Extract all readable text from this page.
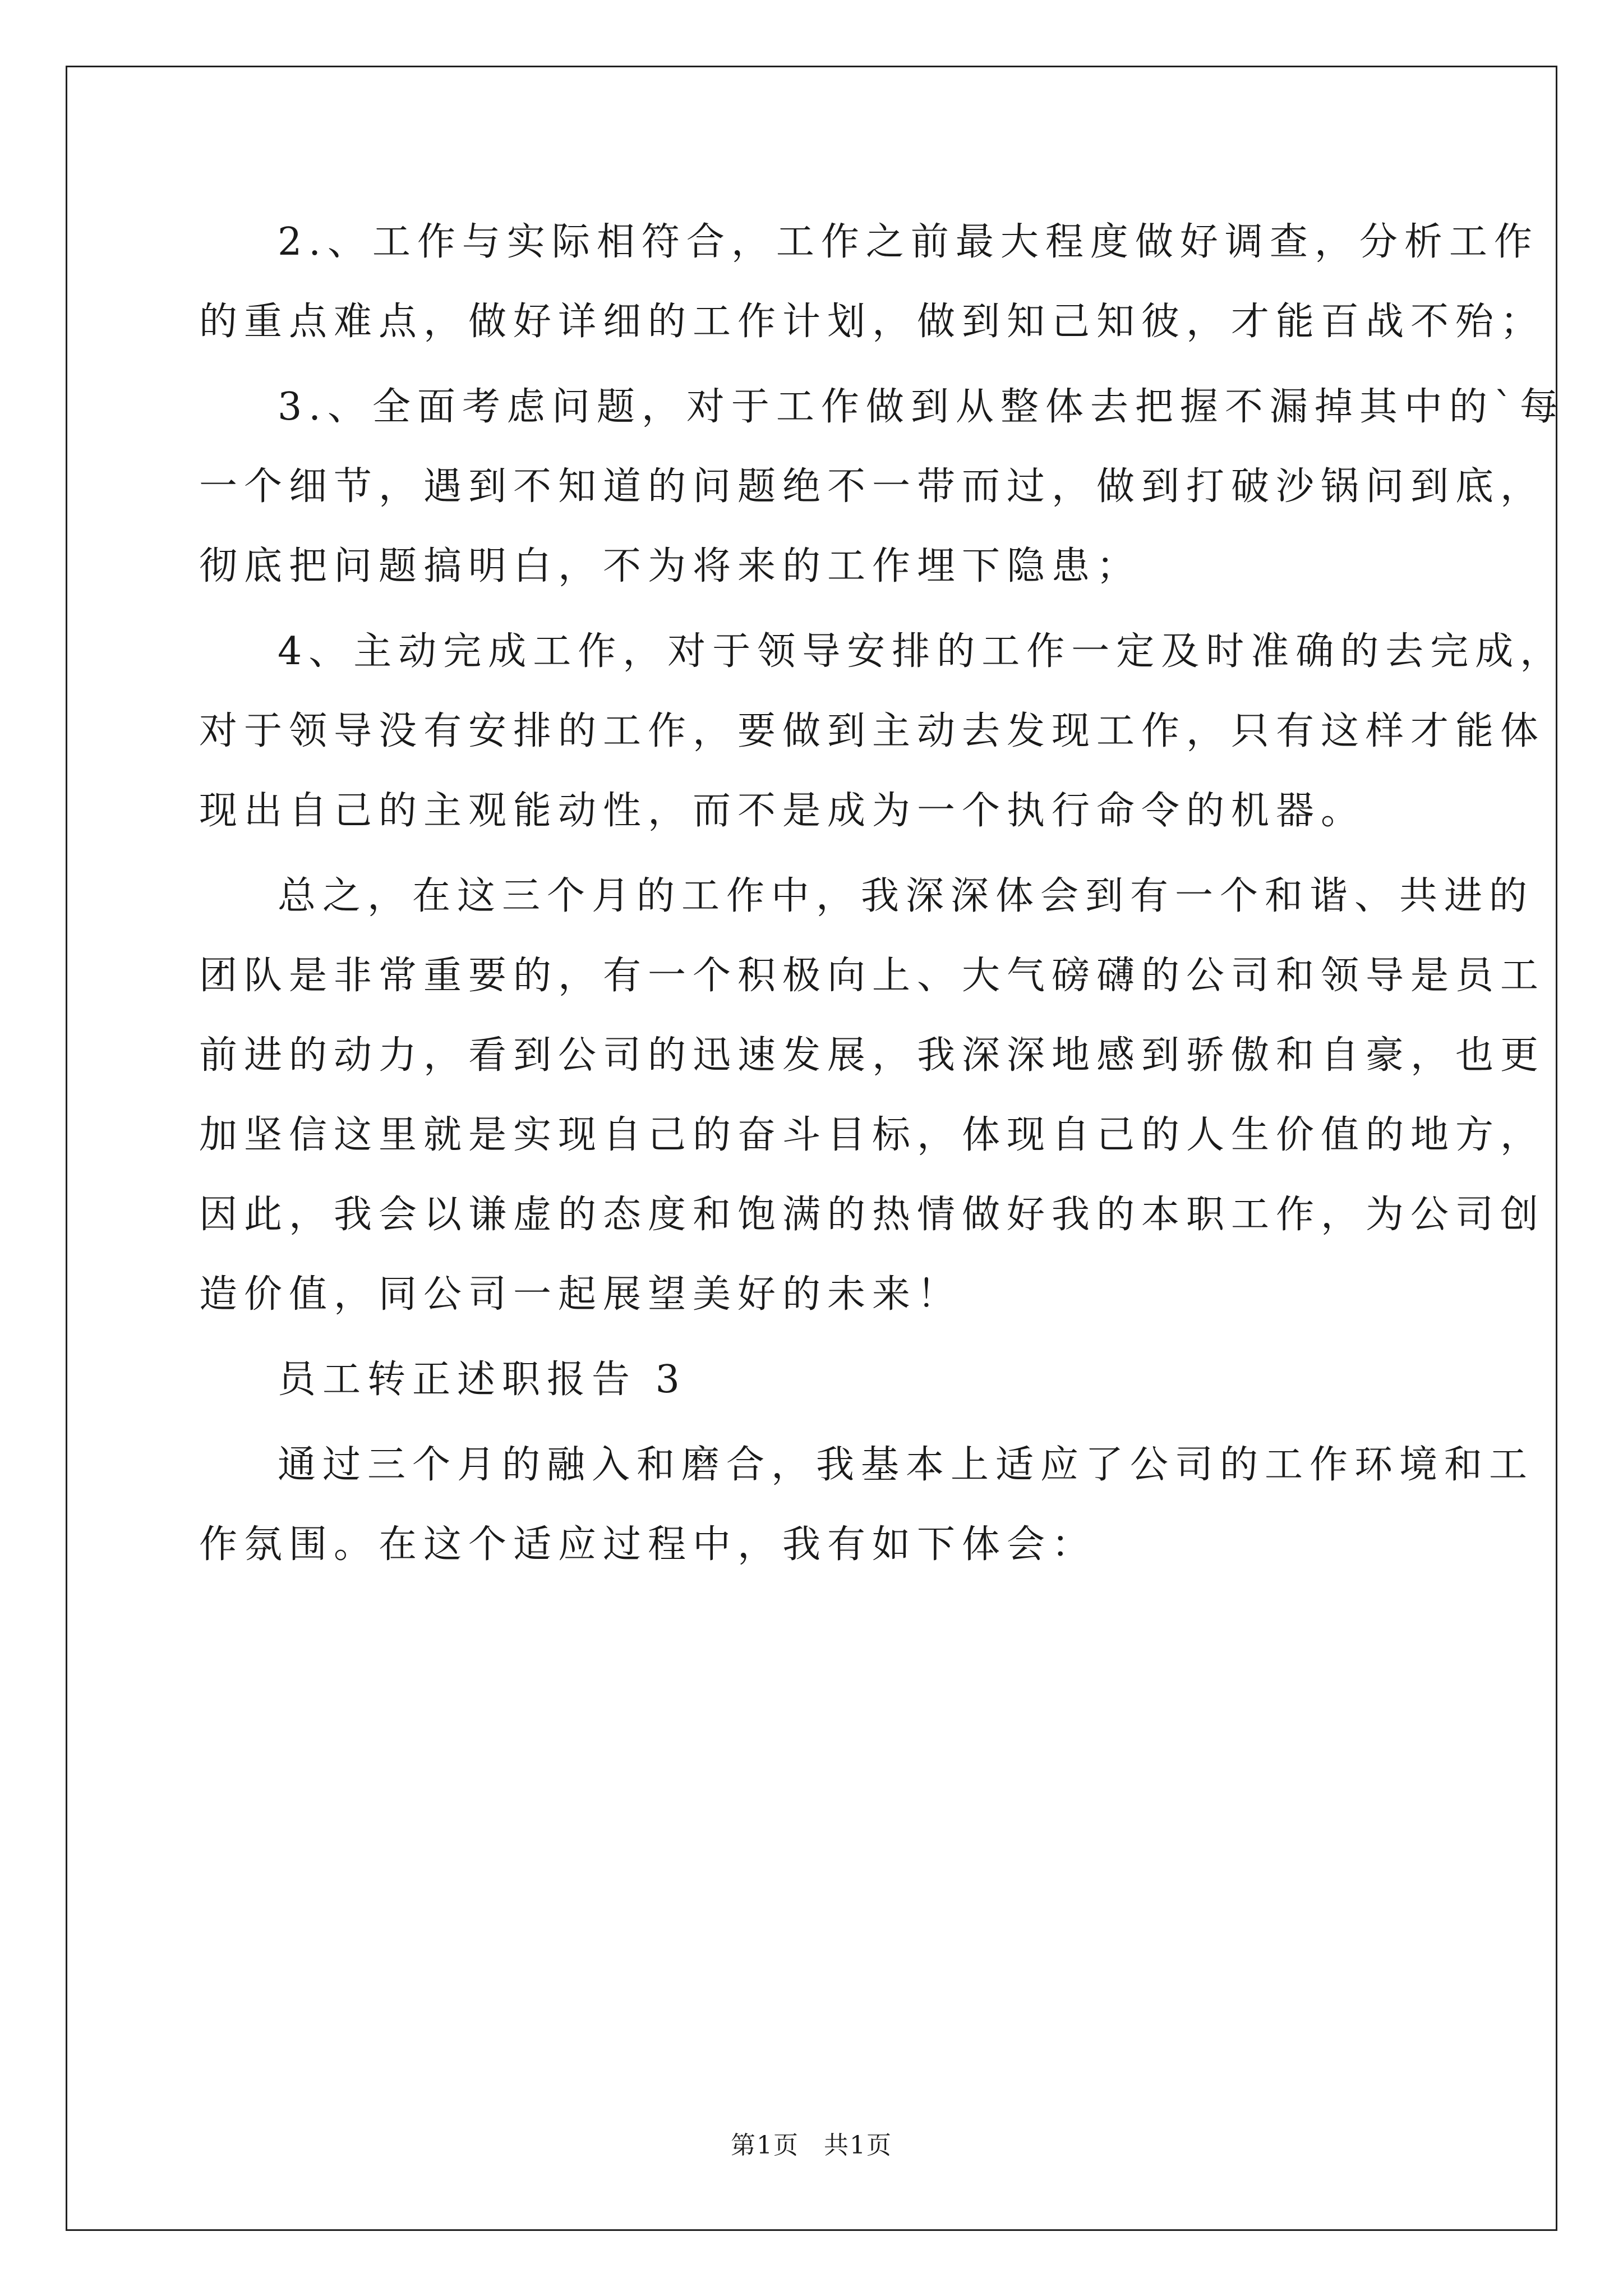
2.、工作与实际相符合，工作之前最大程度做好调查，分析工作
的重点难点，做好详细的工作计划，做到知己知彼，才能百战不殆；
3.、全面考虑问题，对于工作做到从整体去把握不漏掉其中的`每
一个细节，遇到不知道的问题绝不一带而过，做到打破沙锅问到底，
彻底把问题搞明白，不为将来的工作埋下隐患；
4、主动完成工作，对于领导安排的工作一定及时准确的去完成，
对于领导没有安排的工作，要做到主动去发现工作，只有这样才能体
现出自己的主观能动性，而不是成为一个执行命令的机器。
总之，在这三个月的工作中，我深深体会到有一个和谐、共进的
团队是非常重要的，有一个积极向上、大气磅礴的公司和领导是员工
前进的动力，看到公司的迅速发展，我深深地感到骄傲和自豪，也更
加坚信这里就是实现自己的奋斗目标，体现自己的人生价值的地方，
因此，我会以谦虚的态度和饱满的热情做好我的本职工作，为公司创
造价值，同公司一起展望美好的未来！
员工转正述职报告 3
通过三个月的融入和磨合，我基本上适应了公司的工作环境和工
作氛围。在这个适应过程中，我有如下体会：
第1页 共1页
